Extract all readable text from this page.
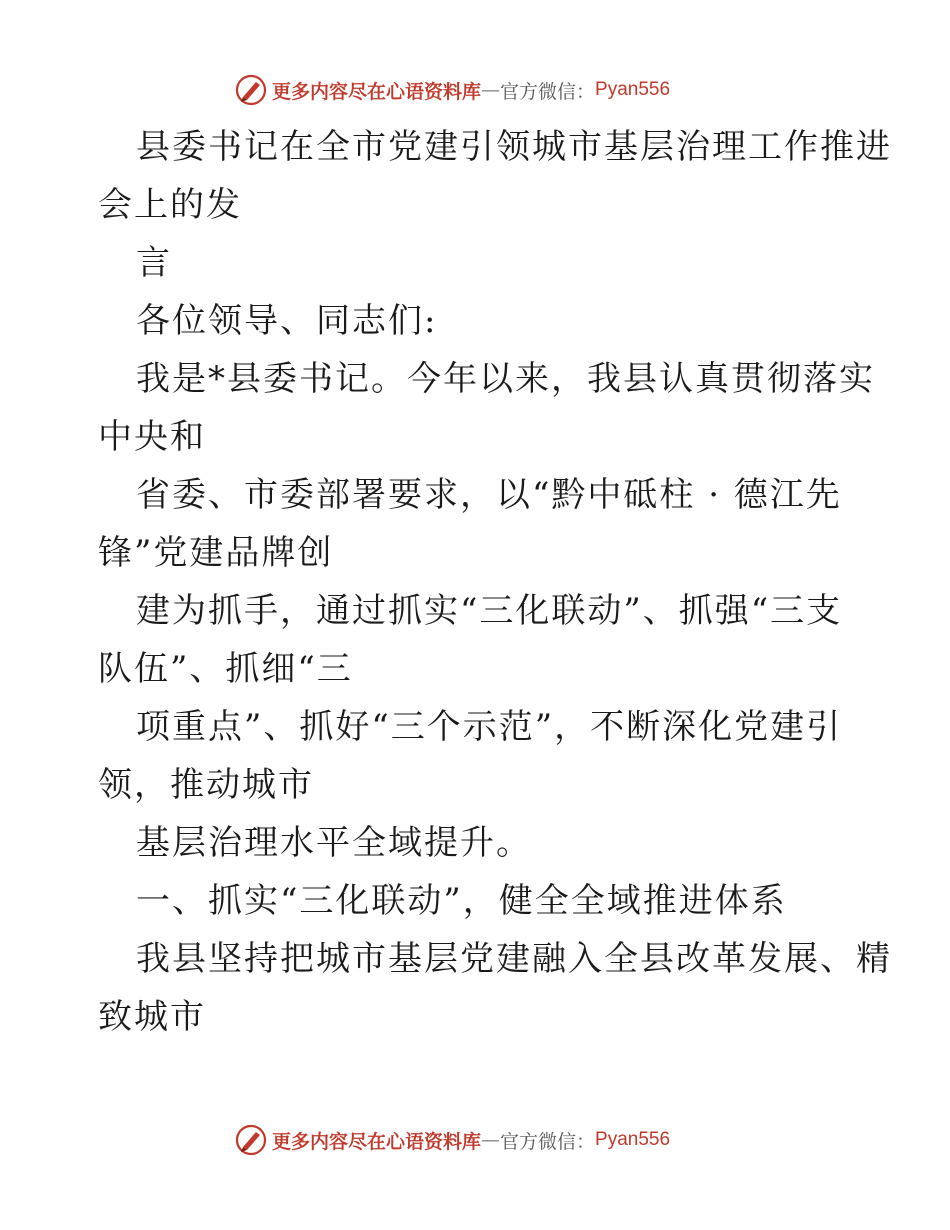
更多内容尽在心语资料库 — 官方微信： Pyan556
县委书记在全市党建引领城市基层治理工作推进
会上的发
言
各位领导、同志们:
我是*县委书记。今年以来，我县认真贯彻落实
中央和
省委、市委部署要求，以“黔中砥柱 · 德江先
锋”党建品牌创
建为抓手，通过抓实“三化联动”、抓强“三支
队伍”、抓细“三
项重点”、抓好“三个示范”，不断深化党建引
领，推动城市
基层治理水平全域提升。
一、抓实“三化联动”，健全全域推进体系
我县坚持把城市基层党建融入全县改革发展、精
致城市
更多内容尽在心语资料库 — 官方微信： Pyan556
